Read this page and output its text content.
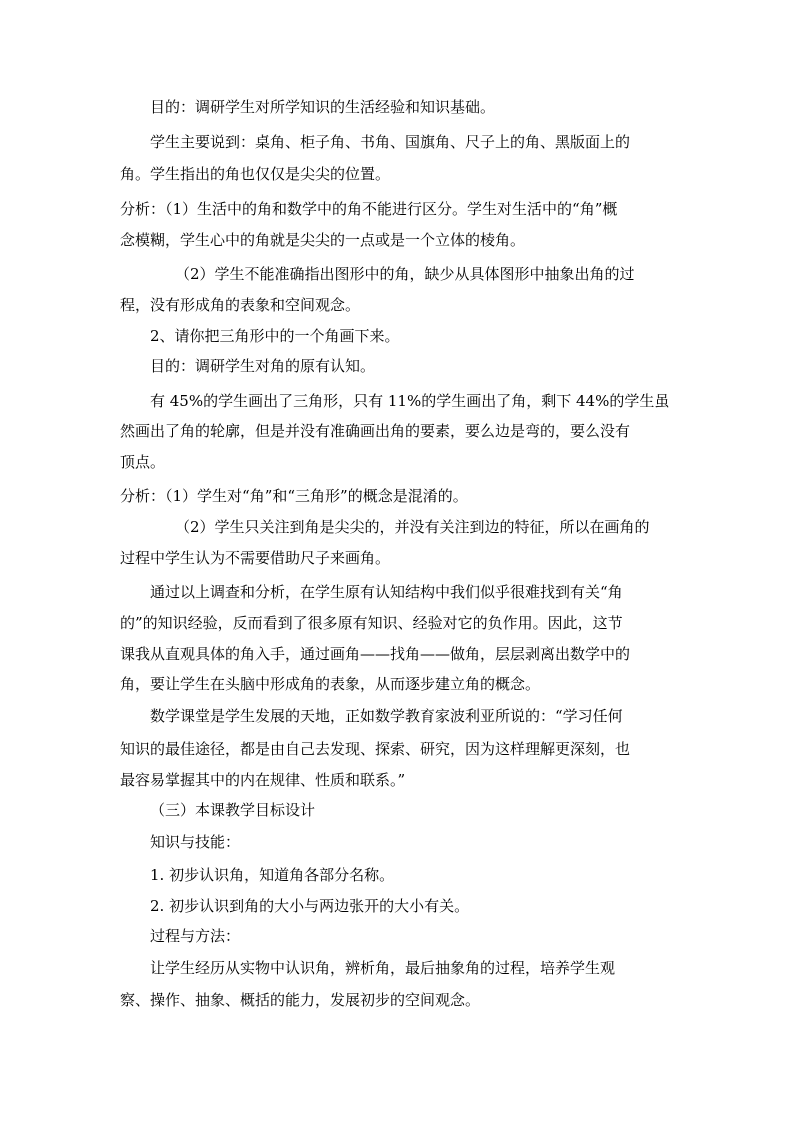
目的：调研学生对所学知识的生活经验和知识基础。
学生主要说到：桌角、柜子角、书角、国旗角、尺子上的角、黑版面上的
角。学生指出的角也仅仅是尖尖的位置。
分析：（1）生活中的角和数学中的角不能进行区分。学生对生活中的“角”概
念模糊，学生心中的角就是尖尖的一点或是一个立体的棱角。
（2）学生不能准确指出图形中的角，缺少从具体图形中抽象出角的过
程，没有形成角的表象和空间观念。
2、请你把三角形中的一个角画下来。
目的：调研学生对角的原有认知。
有 45%的学生画出了三角形，只有 11%的学生画出了角，剩下 44%的学生虽
然画出了角的轮廓，但是并没有准确画出角的要素，要么边是弯的，要么没有
顶点。
分析：（1）学生对“角”和“三角形”的概念是混淆的。
（2）学生只关注到角是尖尖的，并没有关注到边的特征，所以在画角的
过程中学生认为不需要借助尺子来画角。
通过以上调查和分析，在学生原有认知结构中我们似乎很难找到有关“角
的”的知识经验，反而看到了很多原有知识、经验对它的负作用。因此，这节
课我从直观具体的角入手，通过画角——找角——做角，层层剥离出数学中的
角，要让学生在头脑中形成角的表象，从而逐步建立角的概念。
数学课堂是学生发展的天地，正如数学教育家波利亚所说的：“学习任何
知识的最佳途径，都是由自己去发现、探索、研究，因为这样理解更深刻，也
最容易掌握其中的内在规律、性质和联系。”
（三）本课教学目标设计
知识与技能：
1. 初步认识角，知道角各部分名称。
2. 初步认识到角的大小与两边张开的大小有关。
过程与方法：
让学生经历从实物中认识角，辨析角，最后抽象角的过程，培养学生观
察、操作、抽象、概括的能力，发展初步的空间观念。
